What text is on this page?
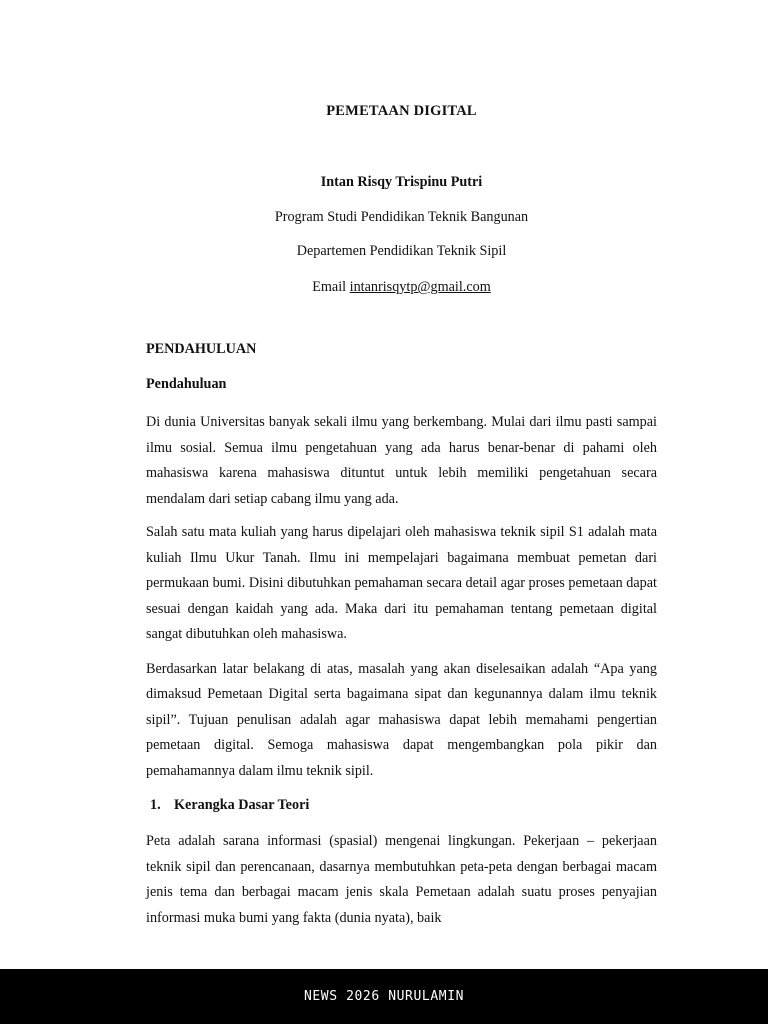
PEMETAAN DIGITAL
Intan Risqy Trispinu Putri
Program Studi Pendidikan Teknik Bangunan
Departemen Pendidikan Teknik Sipil
Email intanrisqytp@gmail.com
PENDAHULUAN
Pendahuluan

Di dunia Universitas banyak sekali ilmu yang berkembang. Mulai dari ilmu pasti sampai ilmu sosial. Semua ilmu pengetahuan yang ada harus benar-benar di pahami oleh mahasiswa karena mahasiswa dituntut untuk lebih memiliki pengetahuan secara mendalam dari setiap cabang ilmu yang ada.

Salah satu mata kuliah yang harus dipelajari oleh mahasiswa teknik sipil S1 adalah mata kuliah Ilmu Ukur Tanah. Ilmu ini mempelajari bagaimana membuat pemetan dari permukaan bumi. Disini dibutuhkan pemahaman secara detail agar proses pemetaan dapat sesuai dengan kaidah yang ada. Maka dari itu pemahaman tentang pemetaan digital sangat dibutuhkan oleh mahasiswa.

Berdasarkan latar belakang di atas, masalah yang akan diselesaikan adalah “Apa yang dimaksud Pemetaan Digital serta bagaimana sipat dan kegunannya dalam ilmu teknik sipil”. Tujuan penulisan adalah agar mahasiswa dapat lebih memahami pengertian pemetaan digital. Semoga mahasiswa dapat mengembangkan pola pikir dan pemahamannya dalam ilmu teknik sipil.

1. Kerangka Dasar Teori

Peta adalah sarana informasi (spasial) mengenai lingkungan. Pekerjaan – pekerjaan teknik sipil dan perencanaan, dasarnya membutuhkan peta-peta dengan berbagai macam jenis tema dan berbagai macam jenis skala Pemetaan adalah suatu proses penyajian informasi muka bumi yang fakta (dunia nyata), baik

NEWS 2026 NURULAMIN
